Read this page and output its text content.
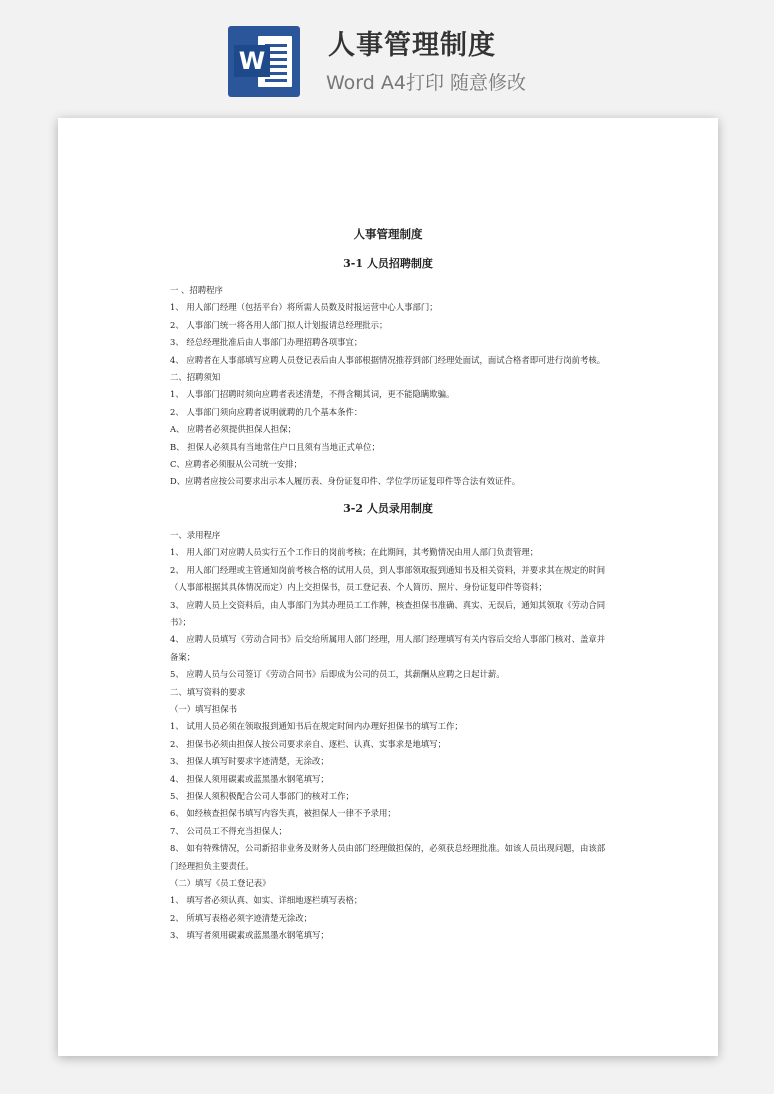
W 人事管理制度
Word A4打印 随意修改
人事管理制度
3-1 人员招聘制度

一 、招聘程序

1、 用人部门经理（包括平台）将所需人员数及时报运营中心人事部门；

2、 人事部门统一将各用人部门拟人计划报请总经理批示；

3、 经总经理批准后由人事部门办理招聘各项事宜；

4、 应聘者在人事部填写应聘人员登记表后由人事部根据情况推荐到部门经理处面试，面试合格者即可进行岗前考核。

二、招聘须知

1、 人事部门招聘时须向应聘者表述清楚，不得含糊其词，更不能隐瞒欺骗。

2、 人事部门须向应聘者说明就聘的几个基本条件：

A、 应聘者必须提供担保人担保；

B、 担保人必须具有当地常住户口且须有当地正式单位；

C、应聘者必须服从公司统一安排；

D、应聘者应按公司要求出示本人履历表、身份证复印件、学位学历证复印件等合法有效证件。

3-2 人员录用制度

一、录用程序

1、 用人部门对应聘人员实行五个工作日的岗前考核；在此期间，其考勤情况由用人部门负责管理；

2、 用人部门经理或主管通知岗前考核合格的试用人员，到人事部领取报到通知书及相关资料，并要求其在规定的时间（人事部根据其具体情况而定）内上交担保书，员工登记表、个人简历、照片、身份证复印件等资料；

3、 应聘人员上交资料后，由人事部门为其办理员工工作牌，核查担保书准确、真实、无误后，通知其领取《劳动合同书》；

4、 应聘人员填写《劳动合同书》后交给所属用人部门经理，用人部门经理填写有关内容后交给人事部门核对、盖章并备案；

5、 应聘人员与公司签订《劳动合同书》后即成为公司的员工，其薪酬从应聘之日起计薪。

二、填写资料的要求

（一）填写担保书

1、 试用人员必须在领取报到通知书后在规定时间内办理好担保书的填写工作；

2、 担保书必须由担保人按公司要求亲自、逐栏、认真、实事求是地填写；

3、 担保人填写时要求字迹清楚，无涂改；

4、 担保人须用碳素或蓝黑墨水钢笔填写；

5、 担保人须积极配合公司人事部门的核对工作；

6、 如经核查担保书填写内容失真，被担保人一律不予录用；

7、 公司员工不得充当担保人；

8、 如有特殊情况，公司新招非业务及财务人员由部门经理做担保的，必须获总经理批准。如该人员出现问题，由该部门经理担负主要责任。

（二）填写《员工登记表》

1、 填写者必须认真、如实、详细地逐栏填写表格；

2、 所填写表格必须字迹清楚无涂改；

3、 填写者须用碳素或蓝黑墨水钢笔填写；
